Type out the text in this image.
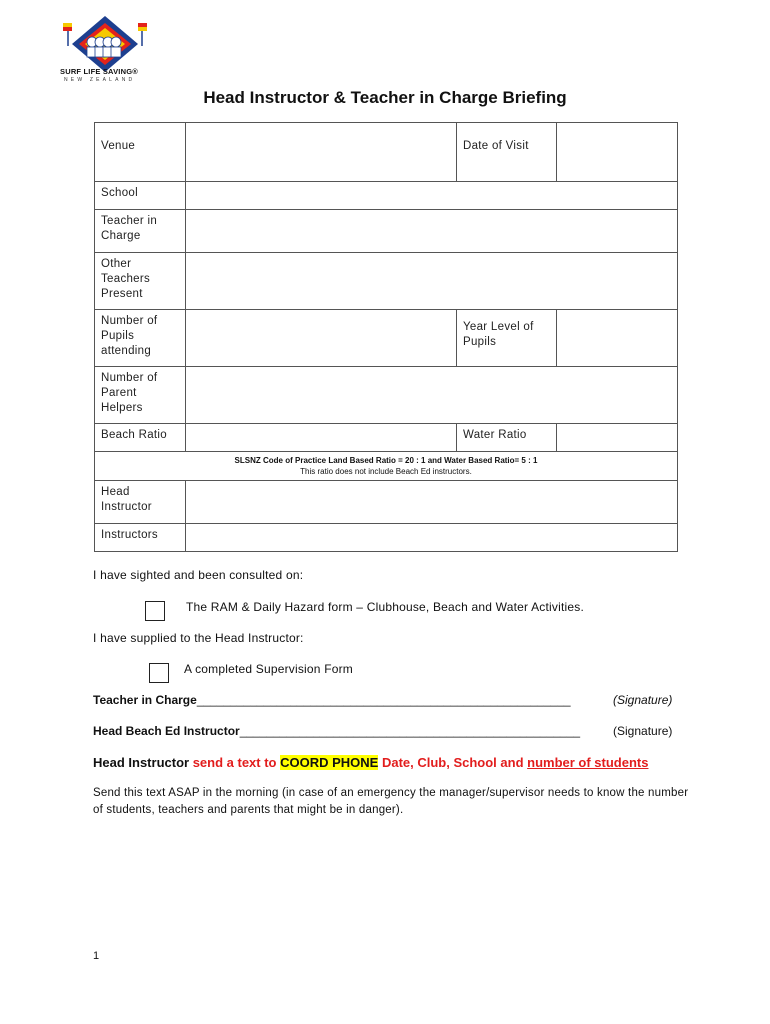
SURF LIFE SAVING®
NEW ZEALAND
Head Instructor & Teacher in Charge Briefing
Venue		Date of Visit	
School			
Teacher in Charge			
Other Teachers Present			
Number of Pupils attending		Year Level of Pupils	
Number of Parent Helpers			
Beach Ratio		Water Ratio	
SLSNZ Code of Practice Land Based Ratio = 20 : 1 and Water Based Ratio= 5 : 1
This ratio does not include Beach Ed instructors.			
Head Instructor			
Instructors			
I have sighted and been consulted on:
The RAM & Daily Hazard form – Clubhouse, Beach and Water Activities.
I have supplied to the Head Instructor:
A completed Supervision Form
Teacher in Charge________________________________________________________	(Signature)
Head Beach Ed Instructor___________________________________________________	(Signature)
Head Instructor send a text to COORD PHONE Date, Club, School and number of students
Send this text ASAP in the morning (in case of an emergency the manager/supervisor needs to know the number of students, teachers and parents that might be in danger).
1
